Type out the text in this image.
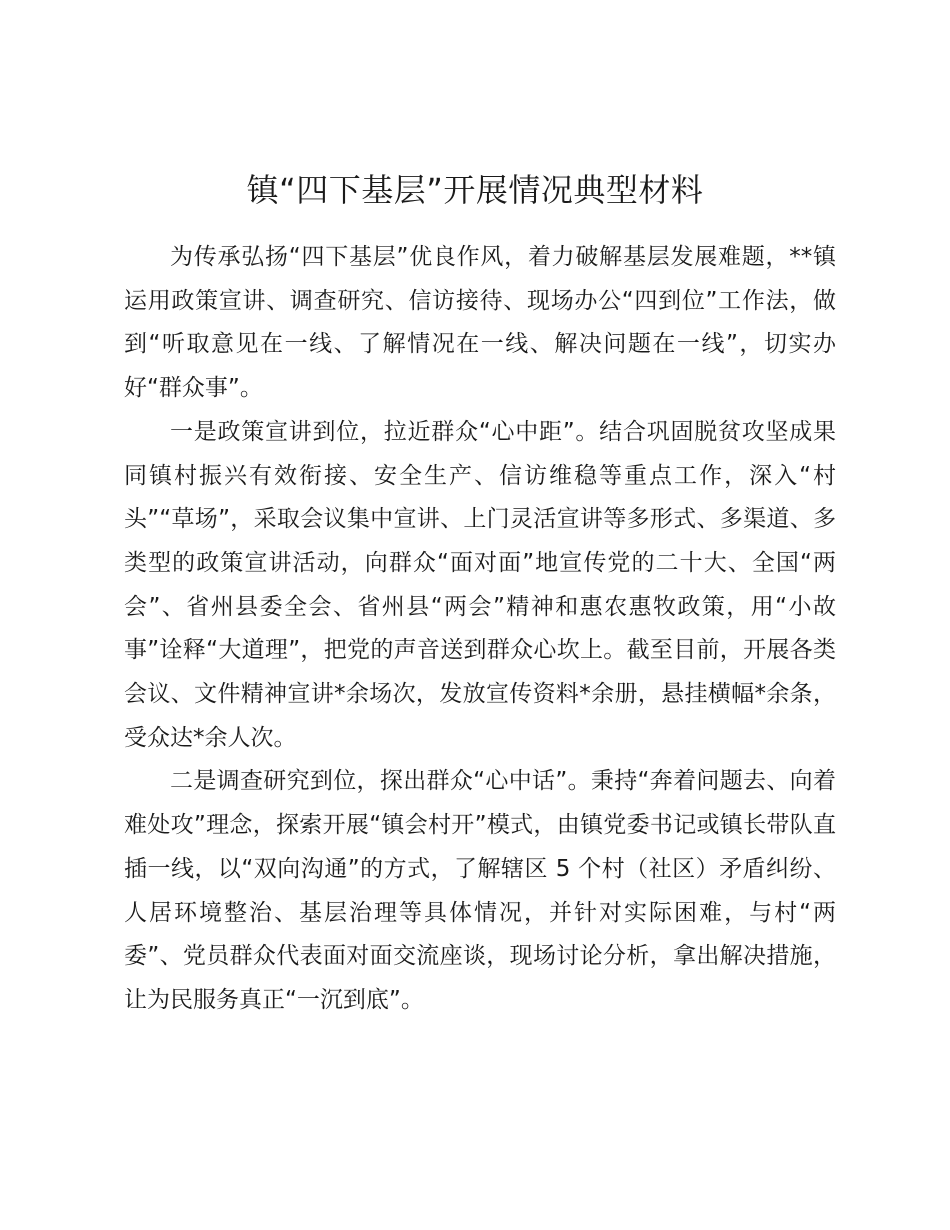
镇“四下基层”开展情况典型材料

为传承弘扬“四下基层”优良作风，着力破解基层发展难题，**镇运用政策宣讲、调查研究、信访接待、现场办公“四到位”工作法，做到“听取意见在一线、了解情况在一线、解决问题在一线”，切实办好“群众事”。

一是政策宣讲到位，拉近群众“心中距”。结合巩固脱贫攻坚成果同镇村振兴有效衔接、安全生产、信访维稳等重点工作，深入“村头”“草场”，采取会议集中宣讲、上门灵活宣讲等多形式、多渠道、多类型的政策宣讲活动，向群众“面对面”地宣传党的二十大、全国“两会”、省州县委全会、省州县“两会”精神和惠农惠牧政策，用“小故事”诠释“大道理”，把党的声音送到群众心坎上。截至目前，开展各类会议、文件精神宣讲*余场次，发放宣传资料*余册，悬挂横幅*余条，受众达*余人次。

二是调查研究到位，探出群众“心中话”。秉持“奔着问题去、向着难处攻”理念，探索开展“镇会村开”模式，由镇党委书记或镇长带队直插一线，以“双向沟通”的方式，了解辖区 5 个村（社区）矛盾纠纷、人居环境整治、基层治理等具体情况，并针对实际困难，与村“两委”、党员群众代表面对面交流座谈，现场讨论分析，拿出解决措施，让为民服务真正“一沉到底”。
